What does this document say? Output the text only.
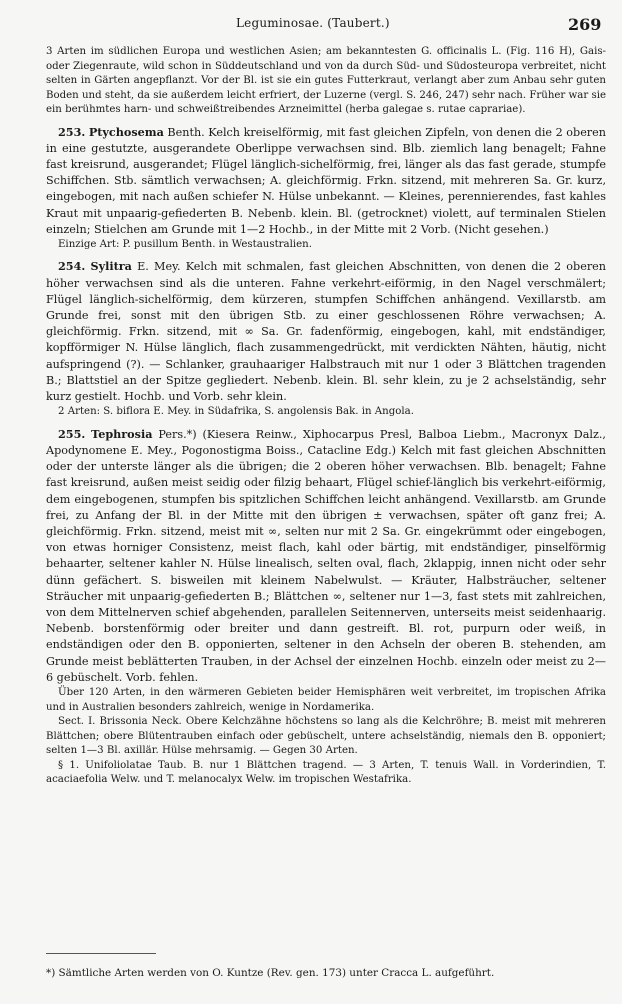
Leguminosae. (Taubert.)	269

3 Arten im südlichen Europa und westlichen Asien; am bekanntesten G. officinalis L. (Fig. 116 H), Gais- oder Ziegenraute, wild schon in Süddeutschland und von da durch Süd- und Südosteuropa verbreitet, nicht selten in Gärten angepflanzt. Vor der Bl. ist sie ein gutes Futterkraut, verlangt aber zum Anbau sehr guten Boden und steht, da sie außerdem leicht erfriert, der Luzerne (vergl. S. 246, 247) sehr nach. Früher war sie ein berühmtes harn- und schweißtreibendes Arzneimittel (herba galegae s. rutae caprariae).

253. Ptychosema Benth. Kelch kreiselförmig, mit fast gleichen Zipfeln, von denen die 2 oberen in eine gestutzte, ausgerandete Oberlippe verwachsen sind. Blb. ziemlich lang benagelt; Fahne fast kreisrund, ausgerandet; Flügel länglich-sichelförmig, frei, länger als das fast gerade, stumpfe Schiffchen. Stb. sämtlich verwachsen; A. gleichförmig. Frkn. sitzend, mit mehreren Sa. Gr. kurz, eingebogen, mit nach außen schiefer N. Hülse unbekannt. — Kleines, perennierendes, fast kahles Kraut mit unpaarig-gefiederten B. Nebenb. klein. Bl. (getrocknet) violett, auf terminalen Stielen einzeln; Stielchen am Grunde mit 1—2 Hochb., in der Mitte mit 2 Vorb. (Nicht gesehen.)

Einzige Art: P. pusillum Benth. in Westaustralien.

254. Sylitra E. Mey. Kelch mit schmalen, fast gleichen Abschnitten, von denen die 2 oberen höher verwachsen sind als die unteren. Fahne verkehrt-eiförmig, in den Nagel verschmälert; Flügel länglich-sichelförmig, dem kürzeren, stumpfen Schiffchen anhängend. Vexillarstb. am Grunde frei, sonst mit den übrigen Stb. zu einer geschlossenen Röhre verwachsen; A. gleichförmig. Frkn. sitzend, mit ∞ Sa. Gr. fadenförmig, eingebogen, kahl, mit endständiger, kopfförmiger N. Hülse länglich, flach zusammengedrückt, mit verdickten Nähten, häutig, nicht aufspringend (?). — Schlanker, grauhaariger Halbstrauch mit nur 1 oder 3 Blättchen tragenden B.; Blattstiel an der Spitze gegliedert. Nebenb. klein. Bl. sehr klein, zu je 2 achselständig, sehr kurz gestielt. Hochb. und Vorb. sehr klein.

2 Arten: S. biflora E. Mey. in Südafrika, S. angolensis Bak. in Angola.

255. Tephrosia Pers.*) (Kiesera Reinw., Xiphocarpus Presl, Balboa Liebm., Macronyx Dalz., Apodynomene E. Mey., Pogonostigma Boiss., Catacline Edg.) Kelch mit fast gleichen Abschnitten oder der unterste länger als die übrigen; die 2 oberen höher verwachsen. Blb. benagelt; Fahne fast kreisrund, außen meist seidig oder filzig behaart, Flügel schief-länglich bis verkehrt-eiförmig, dem eingebogenen, stumpfen bis spitzlichen Schiffchen leicht anhängend. Vexillarstb. am Grunde frei, zu Anfang der Bl. in der Mitte mit den übrigen ± verwachsen, später oft ganz frei; A. gleichförmig. Frkn. sitzend, meist mit ∞, selten nur mit 2 Sa. Gr. eingekrümmt oder eingebogen, von etwas horniger Consistenz, meist flach, kahl oder bärtig, mit endständiger, pinselförmig behaarter, seltener kahler N. Hülse linealisch, selten oval, flach, 2klappig, innen nicht oder sehr dünn gefächert. S. bisweilen mit kleinem Nabelwulst. — Kräuter, Halbsträucher, seltener Sträucher mit unpaarig-gefiederten B.; Blättchen ∞, seltener nur 1—3, fast stets mit zahlreichen, von dem Mittelnerven schief abgehenden, parallelen Seitennerven, unterseits meist seidenhaarig. Nebenb. borstenförmig oder breiter und dann gestreift. Bl. rot, purpurn oder weiß, in endständigen oder den B. opponierten, seltener in den Achseln der oberen B. stehenden, am Grunde meist beblätterten Trauben, in der Achsel der einzelnen Hochb. einzeln oder meist zu 2—6 gebüschelt. Vorb. fehlen.

Über 120 Arten, in den wärmeren Gebieten beider Hemisphären weit verbreitet, im tropischen Afrika und in Australien besonders zahlreich, wenige in Nordamerika.

Sect. I. Brissonia Neck. Obere Kelchzähne höchstens so lang als die Kelchröhre; B. meist mit mehreren Blättchen; obere Blütentrauben einfach oder gebüschelt, untere achselständig, niemals den B. opponiert; selten 1—3 Bl. axillär. Hülse mehrsamig. — Gegen 30 Arten.

§ 1. Unifoliolatae Taub. B. nur 1 Blättchen tragend. — 3 Arten, T. tenuis Wall. in Vorderindien, T. acaciaefolia Welw. und T. melanocalyx Welw. im tropischen Westafrika.

*) Sämtliche Arten werden von O. Kuntze (Rev. gen. 173) unter Cracca L. aufgeführt.
